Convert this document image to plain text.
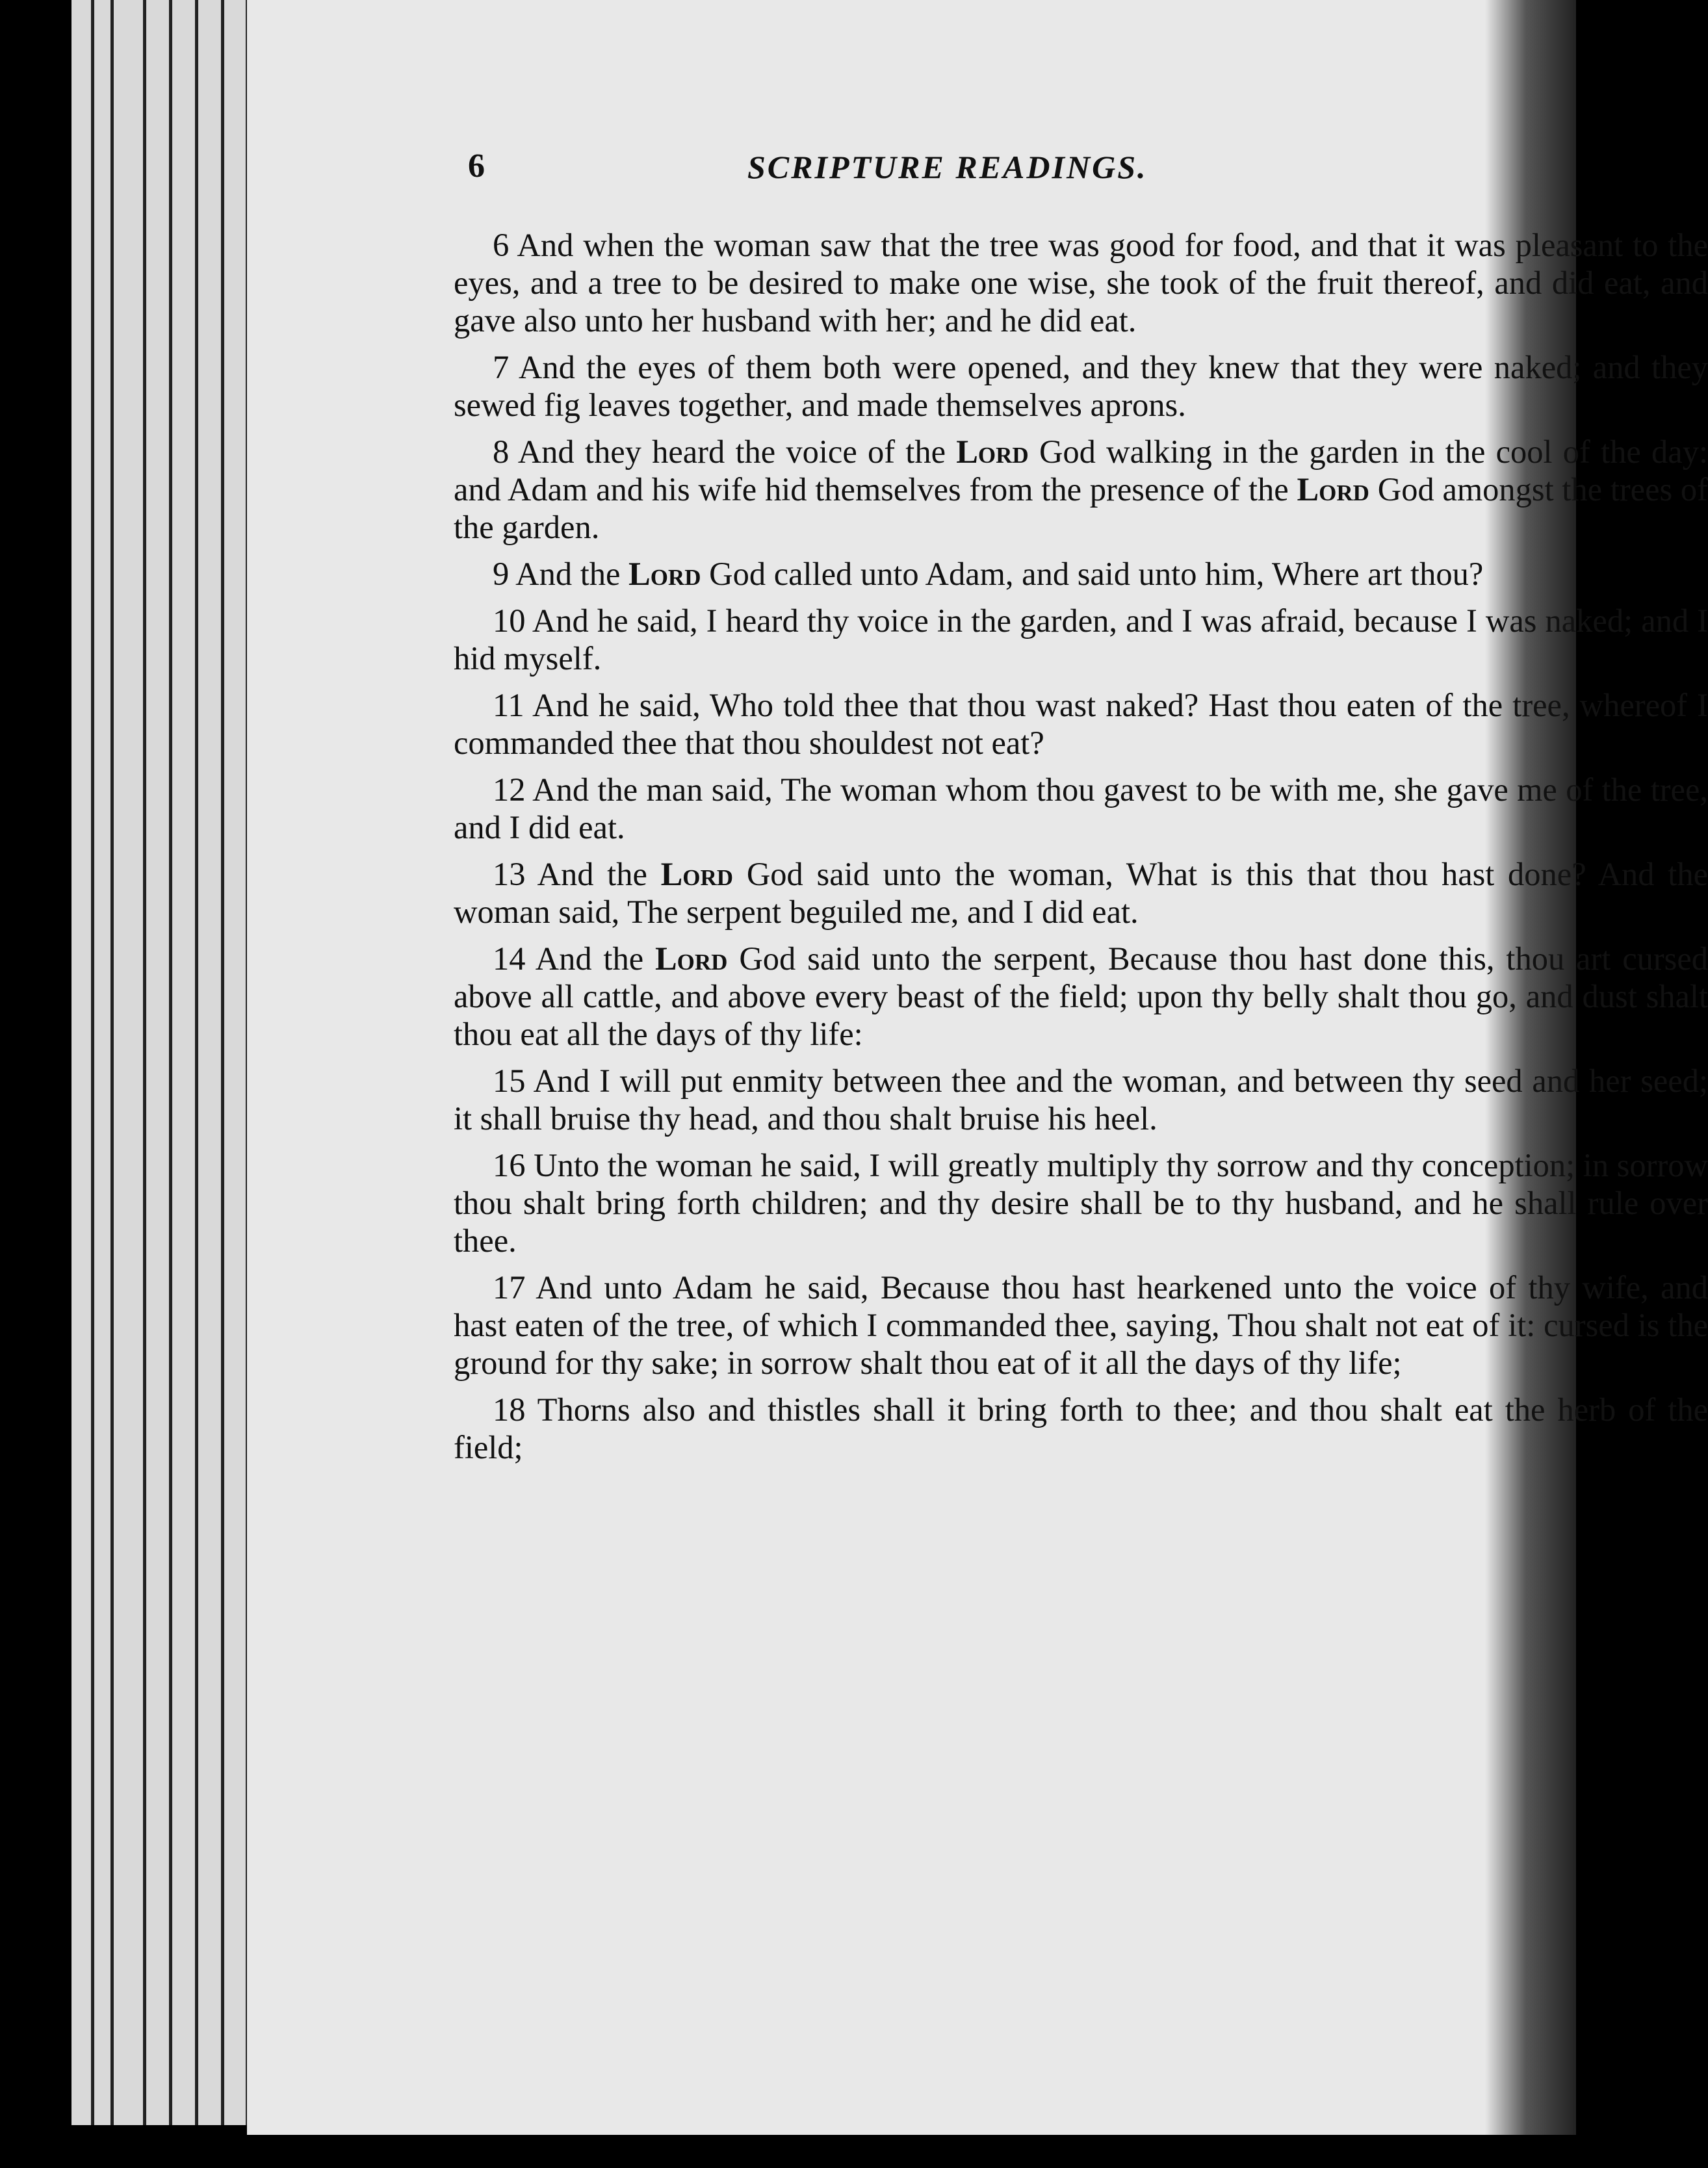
6	SCRIPTURE READINGS.

6 And when the woman saw that the tree was good for food, and that it was pleasant to the eyes, and a tree to be desired to make one wise, she took of the fruit thereof, and did eat, and gave also unto her husband with her; and he did eat.

7 And the eyes of them both were opened, and they knew that they were naked; and they sewed fig leaves together, and made themselves aprons.

8 And they heard the voice of the Lord God walking in the garden in the cool of the day: and Adam and his wife hid themselves from the presence of the Lord God amongst the trees of the garden.

9 And the Lord God called unto Adam, and said unto him, Where art thou?

10 And he said, I heard thy voice in the garden, and I was afraid, because I was naked; and I hid myself.

11 And he said, Who told thee that thou wast naked? Hast thou eaten of the tree, whereof I commanded thee that thou shouldest not eat?

12 And the man said, The woman whom thou gavest to be with me, she gave me of the tree, and I did eat.

13 And the Lord God said unto the woman, What is this that thou hast done? And the woman said, The serpent beguiled me, and I did eat.

14 And the Lord God said unto the serpent, Because thou hast done this, thou art cursed above all cattle, and above every beast of the field; upon thy belly shalt thou go, and dust shalt thou eat all the days of thy life:

15 And I will put enmity between thee and the woman, and between thy seed and her seed; it shall bruise thy head, and thou shalt bruise his heel.

16 Unto the woman he said, I will greatly multiply thy sorrow and thy conception; in sorrow thou shalt bring forth children; and thy desire shall be to thy husband, and he shall rule over thee.

17 And unto Adam he said, Because thou hast hearkened unto the voice of thy wife, and hast eaten of the tree, of which I commanded thee, saying, Thou shalt not eat of it: cursed is the ground for thy sake; in sorrow shalt thou eat of it all the days of thy life;

18 Thorns also and thistles shall it bring forth to thee; and thou shalt eat the herb of the field;
